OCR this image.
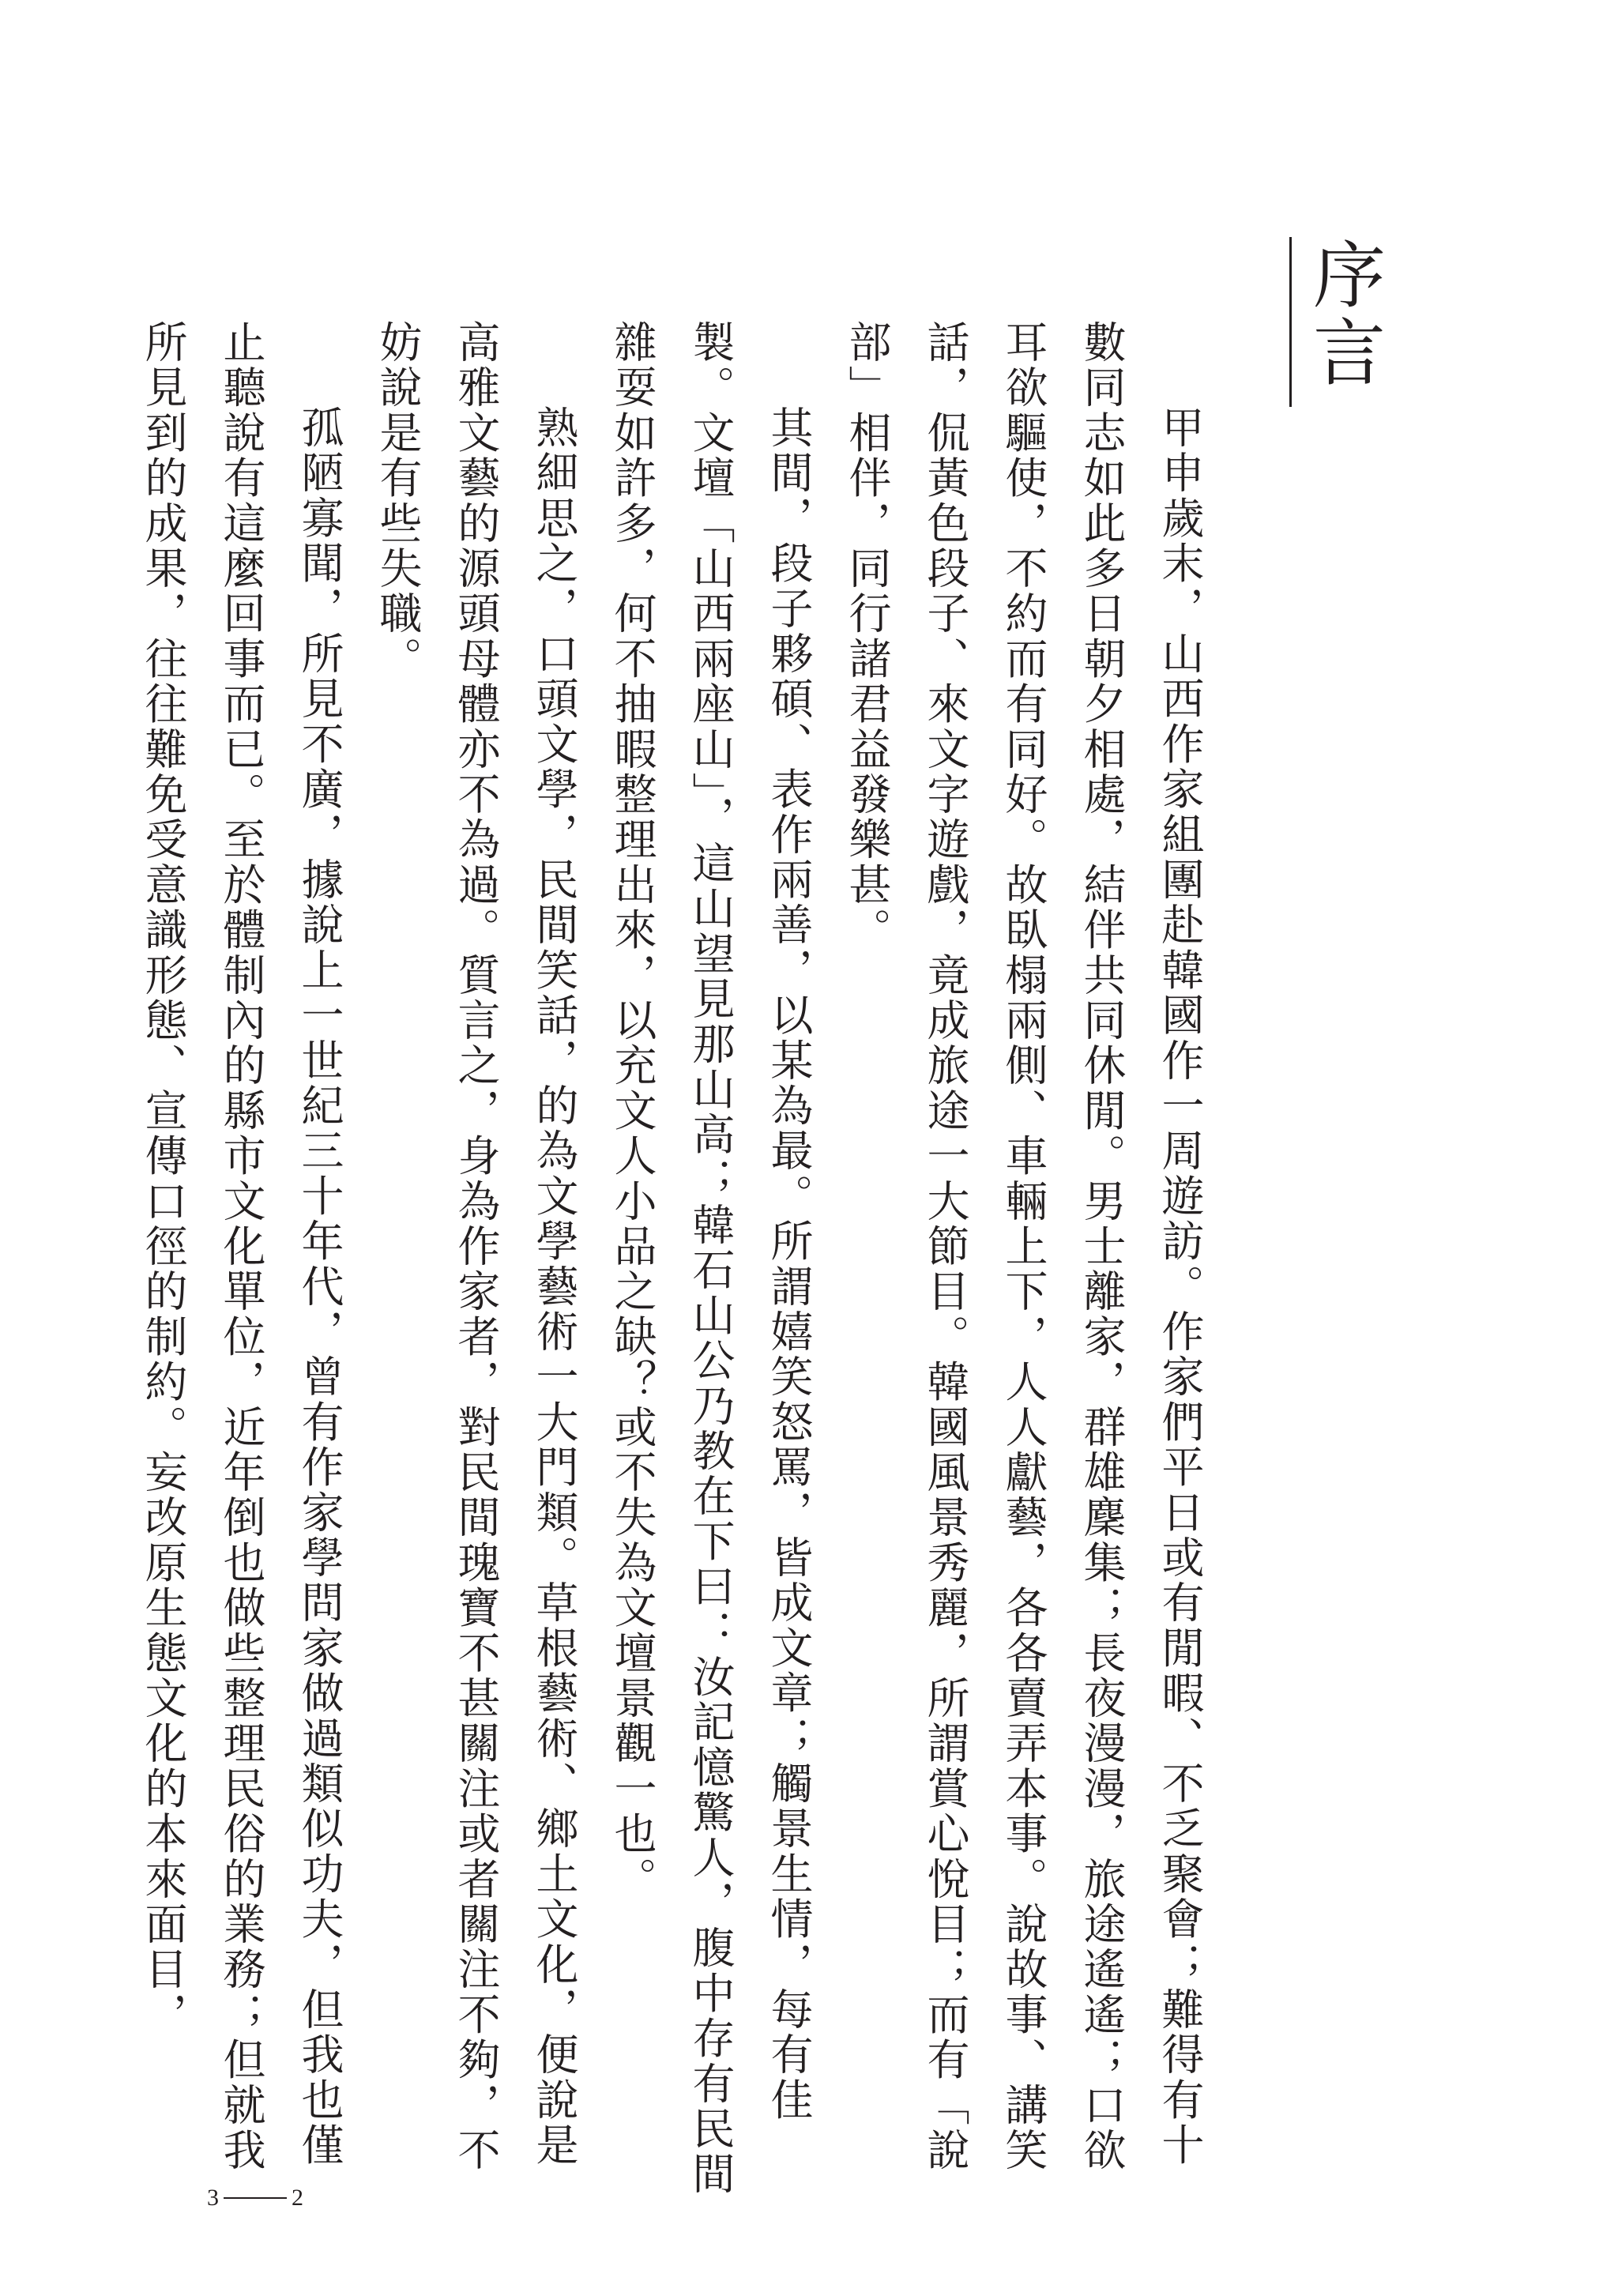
序言

甲申歲末，山西作家組團赴韓國作一周遊訪。作家們平日或有閒暇、不乏聚會；難得有十數同志如此多日朝夕相處，結伴共同休閒。男士離家，群雄麇集；長夜漫漫，旅途遙遙；口欲耳欲驅使，不約而有同好。故臥榻兩側、車輛上下，人人獻藝，各各賣弄本事。說故事、講笑話，侃黃色段子、來文字遊戲，竟成旅途一大節目。韓國風景秀麗，所謂賞心悅目；而有「說部」相伴，同行諸君益發樂甚。

其間，段子夥碩、表作兩善，以某為最。所謂嬉笑怒罵，皆成文章；觸景生情，每有佳製。文壇「山西兩座山」，這山望見那山高；韓石山公乃教在下曰：汝記憶驚人，腹中存有民間雜耍如許多，何不抽暇整理出來，以充文人小品之缺？或不失為文壇景觀一也。

熟細思之，口頭文學，民間笑話，的為文學藝術一大門類。草根藝術、鄉土文化，便說是高雅文藝的源頭母體亦不為過。質言之，身為作家者，對民間瑰寶不甚關注或者關注不夠，不妨說是有些失職。

孤陋寡聞，所見不廣，據說上一世紀三十年代，曾有作家學問家做過類似功夫，但我也僅止聽說有這麼回事而已。至於體制內的縣市文化單位，近年倒也做些整理民俗的業務；但就我所見到的成果，往往難免受意識形態、宣傳口徑的制約。妄改原生態文化的本來面目，

3	2
